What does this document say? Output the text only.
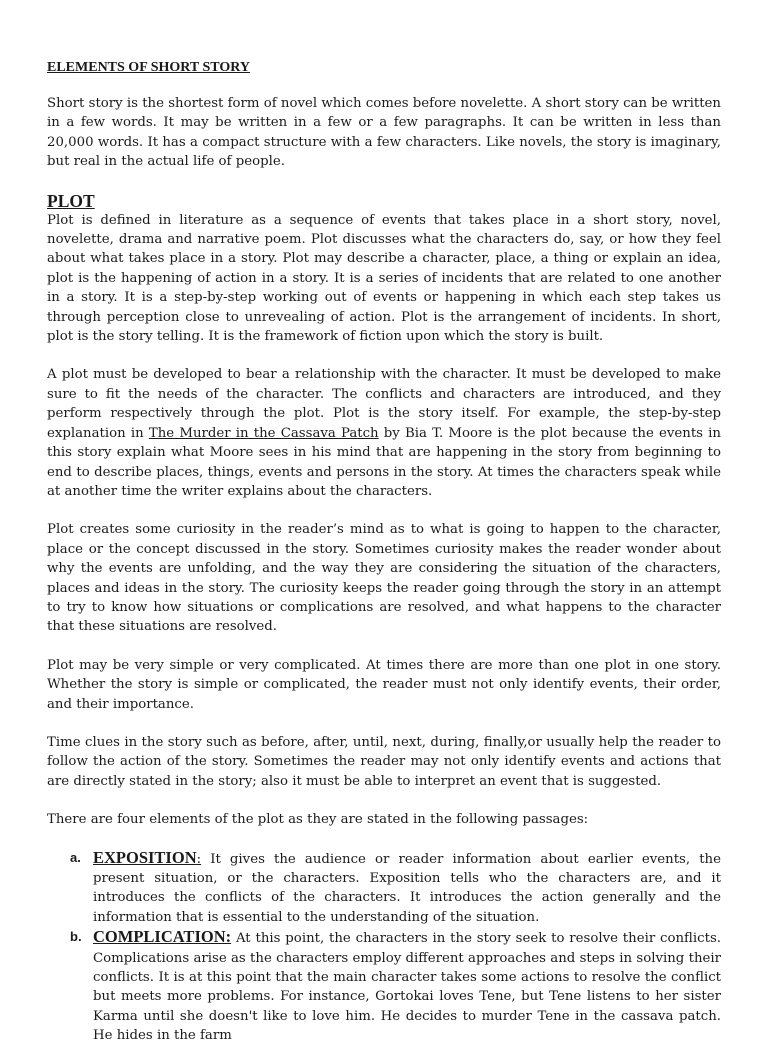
ELEMENTS OF SHORT STORY

Short story is the shortest form of novel which comes before novelette. A short story can be written in a few words. It may be written in a few or a few paragraphs. It can be written in less than 20,000 words. It has a compact structure with a few characters. Like novels, the story is imaginary, but real in the actual life of people.

PLOT

Plot is defined in literature as a sequence of events that takes place in a short story, novel, novelette, drama and narrative poem. Plot discusses what the characters do, say, or how they feel about what takes place in a story. Plot may describe a character, place, a thing or explain an idea, plot is the happening of action in a story. It is a series of incidents that are related to one another in a story. It is a step-by-step working out of events or happening in which each step takes us through perception close to unrevealing of action. Plot is the arrangement of incidents. In short, plot is the story telling. It is the framework of fiction upon which the story is built.

A plot must be developed to bear a relationship with the character. It must be developed to make sure to fit the needs of the character. The conflicts and characters are introduced, and they perform respectively through the plot. Plot is the story itself. For example, the step-by-step explanation in The Murder in the Cassava Patch by Bia T. Moore is the plot because the events in this story explain what Moore sees in his mind that are happening in the story from beginning to end to describe places, things, events and persons in the story. At times the characters speak while at another time the writer explains about the characters.

Plot creates some curiosity in the reader’s mind as to what is going to happen to the character, place or the concept discussed in the story. Sometimes curiosity makes the reader wonder about why the events are unfolding, and the way they are considering the situation of the characters, places and ideas in the story. The curiosity keeps the reader going through the story in an attempt to try to know how situations or complications are resolved, and what happens to the character that these situations are resolved.

Plot may be very simple or very complicated. At times there are more than one plot in one story. Whether the story is simple or complicated, the reader must not only identify events, their order, and their importance.

Time clues in the story such as before, after, until, next, during, finally,or usually help the reader to follow the action of the story. Sometimes the reader may not only identify events and actions that are directly stated in the story; also it must be able to interpret an event that is suggested.

There are four elements of the plot as they are stated in the following passages:

a. EXPOSITION: It gives the audience or reader information about earlier events, the present situation, or the characters. Exposition tells who the characters are, and it introduces the conflicts of the characters. It introduces the action generally and the information that is essential to the understanding of the situation.
b. COMPLICATION: At this point, the characters in the story seek to resolve their conflicts. Complications arise as the characters employ different approaches and steps in solving their conflicts. It is at this point that the main character takes some actions to resolve the conflict but meets more problems. For instance, Gortokai loves Tene, but Tene listens to her sister Karma until she doesn't like to love him. He decides to murder Tene in the cassava patch. He hides in the farm
